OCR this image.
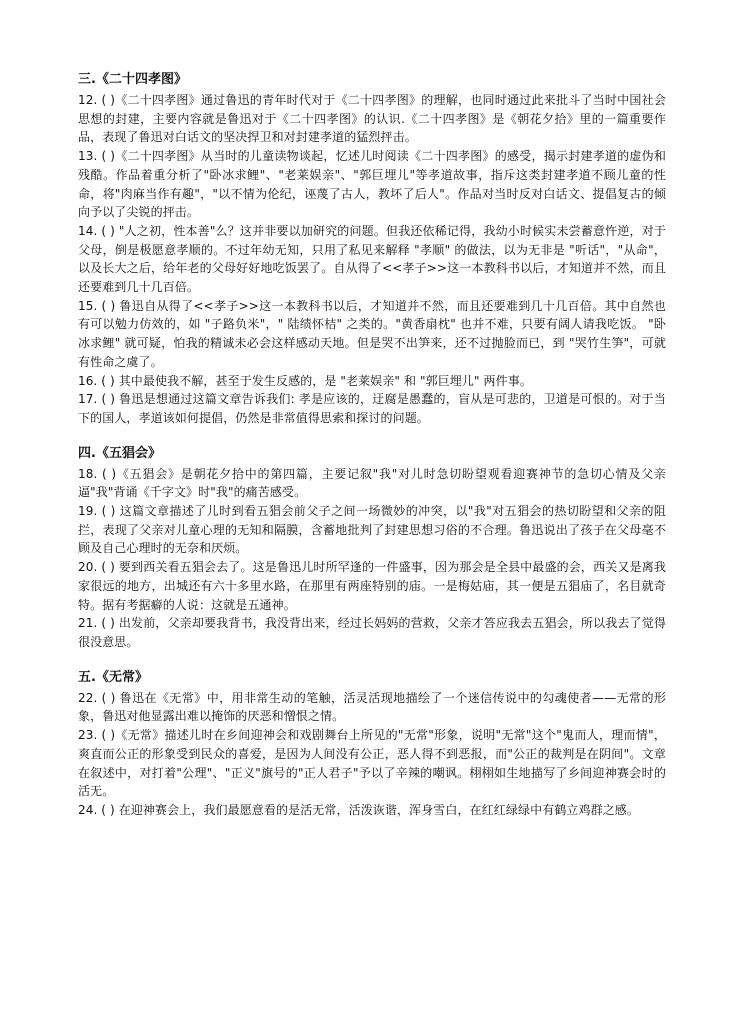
三.《二十四孝图》

12. ( )《二十四孝图》通过鲁迅的青年时代对于《二十四孝图》的理解，也同时通过此来批斗了当时中国社会思想的封建，主要内容就是鲁迅对于《二十四孝图》的认识.《二十四孝图》是《朝花夕拾》里的一篇重要作品，表现了鲁迅对白话文的坚决捍卫和对封建孝道的猛烈抨击。

13. ( )《二十四孝图》从当时的儿童读物谈起，忆述儿时阅读《二十四孝图》的感受，揭示封建孝道的虚伪和残酷。作品着重分析了"卧冰求鲤"、"老莱娱亲"、"郭巨埋儿"等孝道故事，指斥这类封建孝道不顾儿童的性命，将"肉麻当作有趣"，"以不情为伦纪，诬蔑了古人，教坏了后人"。作品对当时反对白话文、提倡复古的倾向予以了尖锐的抨击。

14. ( ) "人之初，性本善"么？这并非要以加研究的问题。但我还依稀记得，我幼小时候实未尝蓄意忤逆，对于父母，倒是极愿意孝顺的。不过年幼无知，只用了私见来解释 "孝顺" 的做法，以为无非是 "听话"，"从命"，以及长大之后，给年老的父母好好地吃饭罢了。自从得了<<孝子>>这一本教科书以后，才知道并不然，而且还要难到几十几百倍。

15. ( ) 鲁迅自从得了<<孝子>>这一本教科书以后，才知道并不然，而且还要难到几十几百倍。其中自然也有可以勉力仿效的，如 "子路负米"，" 陆绩怀桔" 之类的。"黄香扇枕" 也并不难，只要有阔人请我吃饭。 "卧冰求鲤" 就可疑，怕我的精诚未必会这样感动天地。但是哭不出笋来，还不过抛脸而已，到 "哭竹生笋"，可就有性命之虞了。

16. ( ) 其中最使我不解，甚至于发生反感的，是 "老莱娱亲" 和 "郭巨埋儿" 两件事。

17. ( ) 鲁迅是想通过这篇文章告诉我们: 孝是应该的，迂腐是愚蠢的，盲从是可悲的，卫道是可恨的。对于当下的国人，孝道该如何提倡，仍然是非常值得思索和探讨的问题。

四.《五猖会》

18. ( )《五猖会》是朝花夕拾中的第四篇，主要记叙"我"对儿时急切盼望观看迎赛神节的急切心情及父亲逼"我"背诵《千字文》时"我"的痛苦感受。

19. ( ) 这篇文章描述了儿时到看五猖会前父子之间一场微妙的冲突，以"我"对五猖会的热切盼望和父亲的阻拦，表现了父亲对儿童心理的无知和隔膜，含蓄地批判了封建思想习俗的不合理。鲁迅说出了孩子在父母毫不顾及自己心理时的无奈和厌烦。

20. ( ) 要到西关看五猖会去了。这是鲁迅儿时所罕逢的一件盛事，因为那会是全县中最盛的会，西关又是离我家很远的地方，出城还有六十多里水路，在那里有两座特别的庙。一是梅姑庙，其一便是五猖庙了，名目就奇特。据有考据癖的人说：这就是五通神。

21. ( ) 出发前，父亲却要我背书，我没背出来，经过长妈妈的营救，父亲才答应我去五猖会，所以我去了觉得很没意思。

五.《无常》

22. ( ) 鲁迅在《无常》中，用非常生动的笔触，活灵活现地描绘了一个迷信传说中的勾魂使者——无常的形象，鲁迅对他显露出难以掩饰的厌恶和憎恨之情。

23. ( )《无常》描述儿时在乡间迎神会和戏剧舞台上所见的"无常"形象，说明"无常"这个"鬼而人，理而情"，爽直而公正的形象受到民众的喜爱，是因为人间没有公正，恶人得不到恶报，而"公正的裁判是在阴间"。文章在叙述中，对打着"公理"、"正义"旗号的"正人君子"予以了辛辣的嘲讽。栩栩如生地描写了乡间迎神赛会时的活无。

24. ( ) 在迎神赛会上，我们最愿意看的是活无常，活泼诙谐，浑身雪白，在红红绿绿中有鹤立鸡群之感。
